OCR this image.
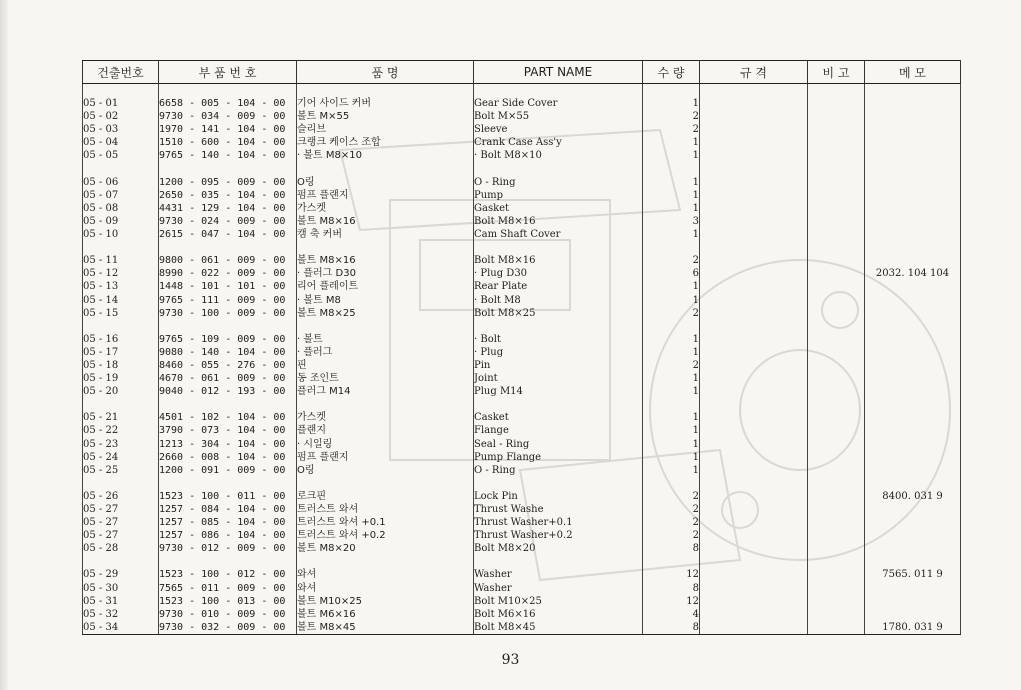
건출번호	부 품 번 호	품 명	PART NAME	수 량	규 격	비 고	메 모

05 - 01	6658 - 005 - 104 - 00	기어 사이드 커버	Gear Side Cover	1			
05 - 02	9730 - 034 - 009 - 00	볼트 M×55	Bolt M×55	2			
05 - 03	1970 - 141 - 104 - 00	슬리브	Sleeve	2			
05 - 04	1510 - 600 - 104 - 00	크랭크 케이스 조합	Crank Case Ass'y	1			
05 - 05	9765 - 140 - 104 - 00	· 볼트 M8×10	· Bolt M8×10	1			

05 - 06	1200 - 095 - 009 - 00	O링	O - Ring	1			
05 - 07	2650 - 035 - 104 - 00	펌프 플랜지	Pump	1			
05 - 08	4431 - 129 - 104 - 00	가스켓	Gasket	1			
05 - 09	9730 - 024 - 009 - 00	볼트 M8×16	Bolt M8×16	3			
05 - 10	2615 - 047 - 104 - 00	캠 축 커버	Cam Shaft Cover	1			

05 - 11	9800 - 061 - 009 - 00	볼트 M8×16	Bolt M8×16	2			
05 - 12	8990 - 022 - 009 - 00	· 플러그 D30	· Plug D30	6			2032. 104 104
05 - 13	1448 - 101 - 101 - 00	리어 플레이트	Rear Plate	1			
05 - 14	9765 - 111 - 009 - 00	· 볼트 M8	· Bolt M8	1			
05 - 15	9730 - 100 - 009 - 00	볼트 M8×25	Bolt M8×25	2			

05 - 16	9765 - 109 - 009 - 00	· 볼트	· Bolt	1			
05 - 17	9080 - 140 - 104 - 00	· 플러그	· Plug	1			
05 - 18	8460 - 055 - 276 - 00	핀	Pin	2			
05 - 19	4670 - 061 - 009 - 00	동 조인트	Joint	1			
05 - 20	9040 - 012 - 193 - 00	플러그 M14	Plug M14	1			

05 - 21	4501 - 102 - 104 - 00	가스켓	Casket	1			
05 - 22	3790 - 073 - 104 - 00	플랜지	Flange	1			
05 - 23	1213 - 304 - 104 - 00	· 시일링	Seal - Ring	1			
05 - 24	2660 - 008 - 104 - 00	펌프 플랜지	Pump Flange	1			
05 - 25	1200 - 091 - 009 - 00	O링	O - Ring	1			

05 - 26	1523 - 100 - 011 - 00	로크핀	Lock Pin	2			8400. 031 9
05 - 27	1257 - 084 - 104 - 00	트러스트 와셔	Thrust Washe	2			
05 - 27	1257 - 085 - 104 - 00	트러스트 와셔 +0.1	Thrust Washer+0.1	2			
05 - 27	1257 - 086 - 104 - 00	트러스트 와셔 +0.2	Thrust Washer+0.2	2			
05 - 28	9730 - 012 - 009 - 00	볼트 M8×20	Bolt M8×20	8			

05 - 29	1523 - 100 - 012 - 00	와셔	Washer	12			7565. 011 9
05 - 30	7565 - 011 - 009 - 00	와셔	Washer	8			
05 - 31	1523 - 100 - 013 - 00	볼트 M10×25	Bolt M10×25	12			
05 - 32	9730 - 010 - 009 - 00	볼트 M6×16	Bolt M6×16	4			
05 - 34	9730 - 032 - 009 - 00	볼트 M8×45	Bolt M8×45	8			1780. 031 9
93
